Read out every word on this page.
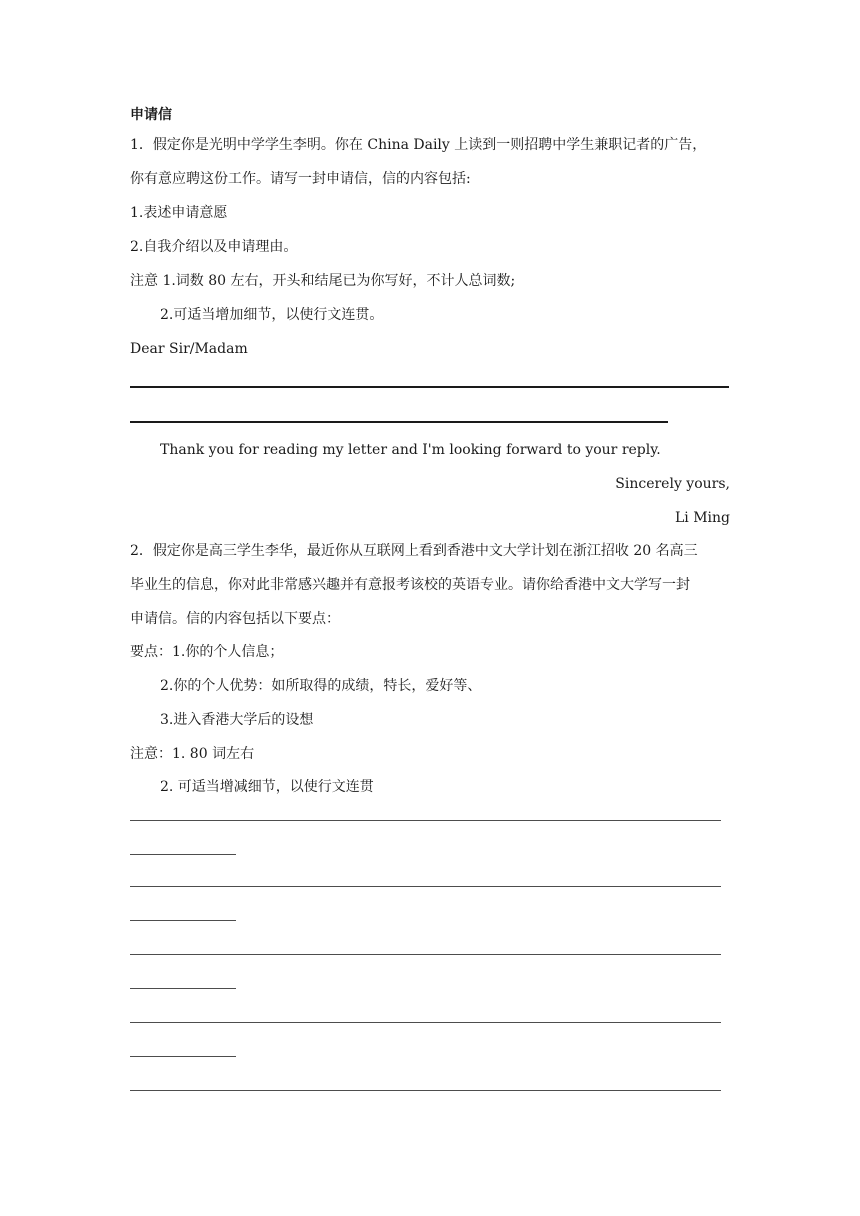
申请信
1．假定你是光明中学学生李明。你在 China Daily 上读到一则招聘中学生兼职记者的广告，
你有意应聘这份工作。请写一封申请信，信的内容包括:
1.表述申请意愿
2.自我介绍以及申请理由。
注意 1.词数 80 左右，开头和结尾已为你写好，不计人总词数;
2.可适当增加细节，以使行文连贯。
Dear Sir/Madam
Thank you for reading my letter and I'm looking forward to your reply.
Sincerely yours,
Li Ming
2．假定你是高三学生李华，最近你从互联网上看到香港中文大学计划在浙江招收 20 名高三
毕业生的信息，你对此非常感兴趣并有意报考该校的英语专业。请你给香港中文大学写一封
申请信。信的内容包括以下要点：
要点：1.你的个人信息；
2.你的个人优势：如所取得的成绩，特长，爱好等、
3.进入香港大学后的设想
注意：1. 80 词左右
2. 可适当增减细节，以使行文连贯
